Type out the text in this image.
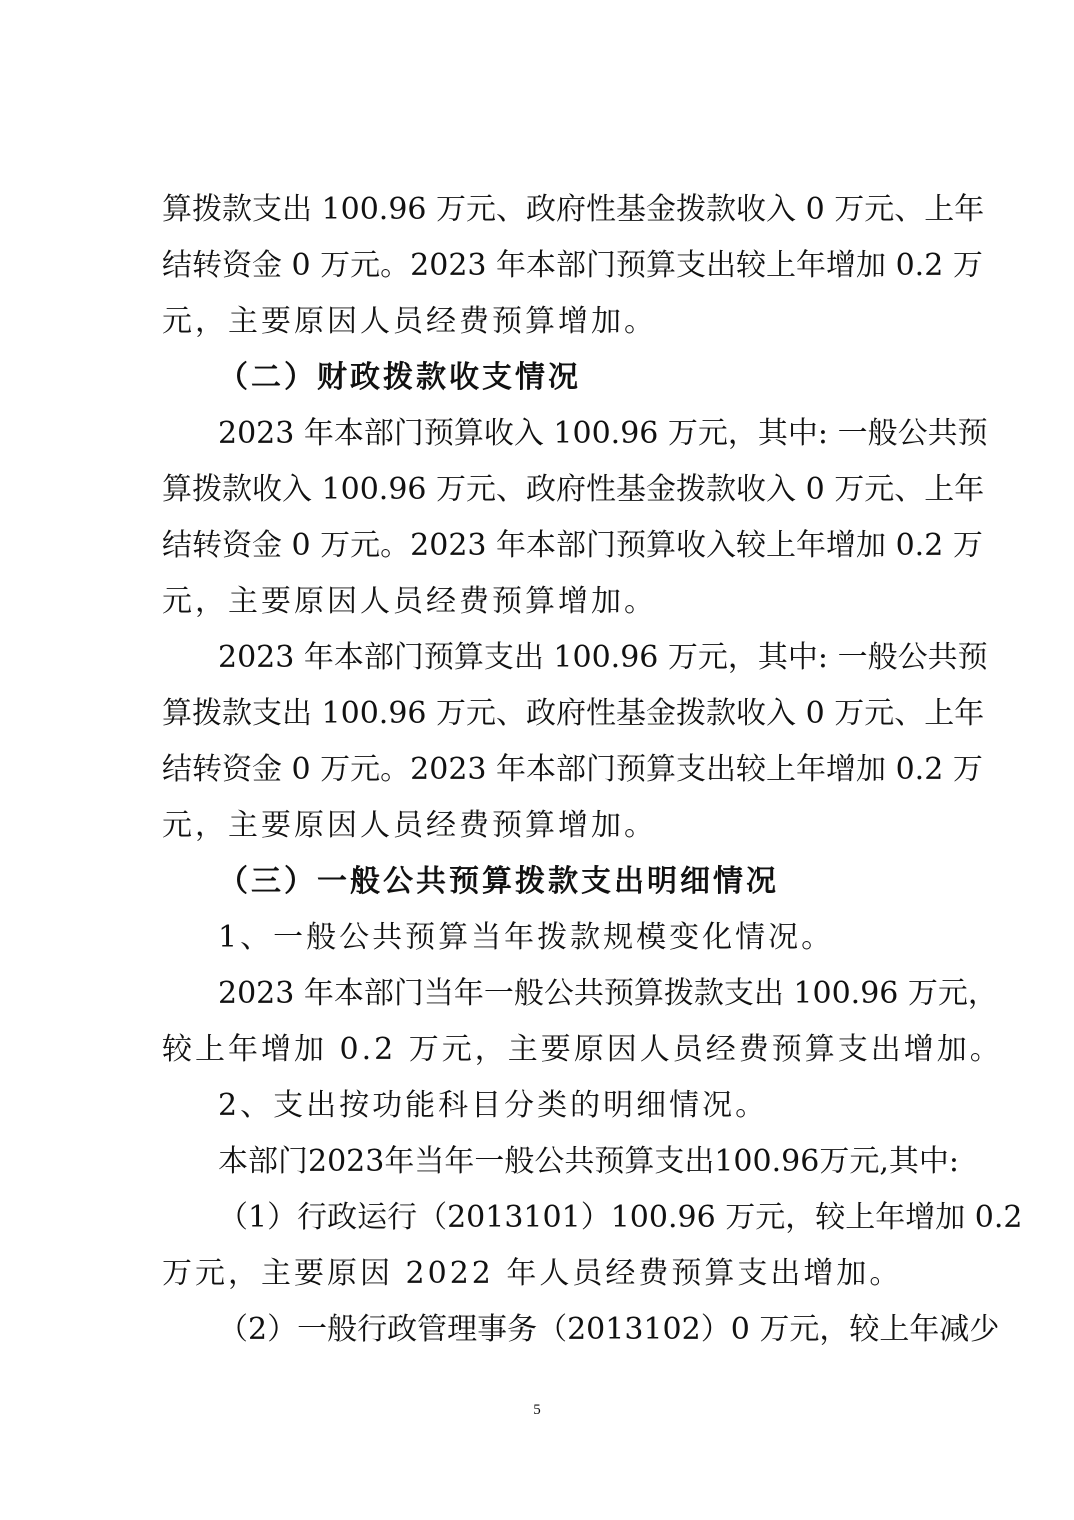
算拨款支出 100.96 万元、政府性基金拨款收入 0 万元、上年
结转资金 0 万元。2023 年本部门预算支出较上年增加 0.2 万
元，主要原因人员经费预算增加。
（二）财政拨款收支情况
2023 年本部门预算收入 100.96 万元，其中: 一般公共预
算拨款收入 100.96 万元、政府性基金拨款收入 0 万元、上年
结转资金 0 万元。2023 年本部门预算收入较上年增加 0.2 万
元，主要原因人员经费预算增加。
2023 年本部门预算支出 100.96 万元，其中: 一般公共预
算拨款支出 100.96 万元、政府性基金拨款收入 0 万元、上年
结转资金 0 万元。2023 年本部门预算支出较上年增加 0.2 万
元，主要原因人员经费预算增加。
（三）一般公共预算拨款支出明细情况
1、一般公共预算当年拨款规模变化情况。
2023 年本部门当年一般公共预算拨款支出 100.96 万元，
较上年增加 0.2 万元，主要原因人员经费预算支出增加。
2、支出按功能科目分类的明细情况。
本部门2023年当年一般公共预算支出100.96万元,其中:
（1）行政运行（2013101）100.96 万元，较上年增加 0.2
万元，主要原因 2022 年人员经费预算支出增加。
（2）一般行政管理事务（2013102）0 万元，较上年减少
5
